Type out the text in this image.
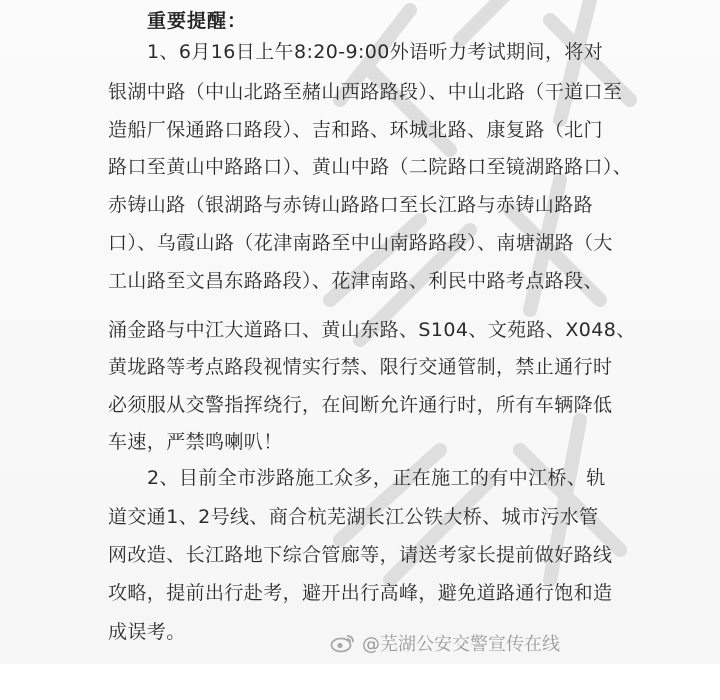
重要提醒：
1、6月16日上午8:20-9:00外语听力考试期间，将对
银湖中路（中山北路至赭山西路路段）、中山北路（干道口至
造船厂保通路口路段）、吉和路、环城北路、康复路（北门
路口至黄山中路路口）、黄山中路（二院路口至镜湖路路口）、
赤铸山路（银湖路与赤铸山路路口至长江路与赤铸山路路
口）、乌霞山路（花津南路至中山南路路段）、南塘湖路（大
工山路至文昌东路路段）、花津南路、利民中路考点路段、
涌金路与中江大道路口、黄山东路、S104、文苑路、X048、
黄垅路等考点路段视情实行禁、限行交通管制，禁止通行时
必须服从交警指挥绕行，在间断允许通行时，所有车辆降低
车速，严禁鸣喇叭！
2、目前全市涉路施工众多，正在施工的有中江桥、轨
道交通1、2号线、商合杭芜湖长江公铁大桥、城市污水管
网改造、长江路地下综合管廊等，请送考家长提前做好路线
攻略，提前出行赴考，避开出行高峰，避免道路通行饱和造
成误考。
@芜湖公安交警宣传在线
